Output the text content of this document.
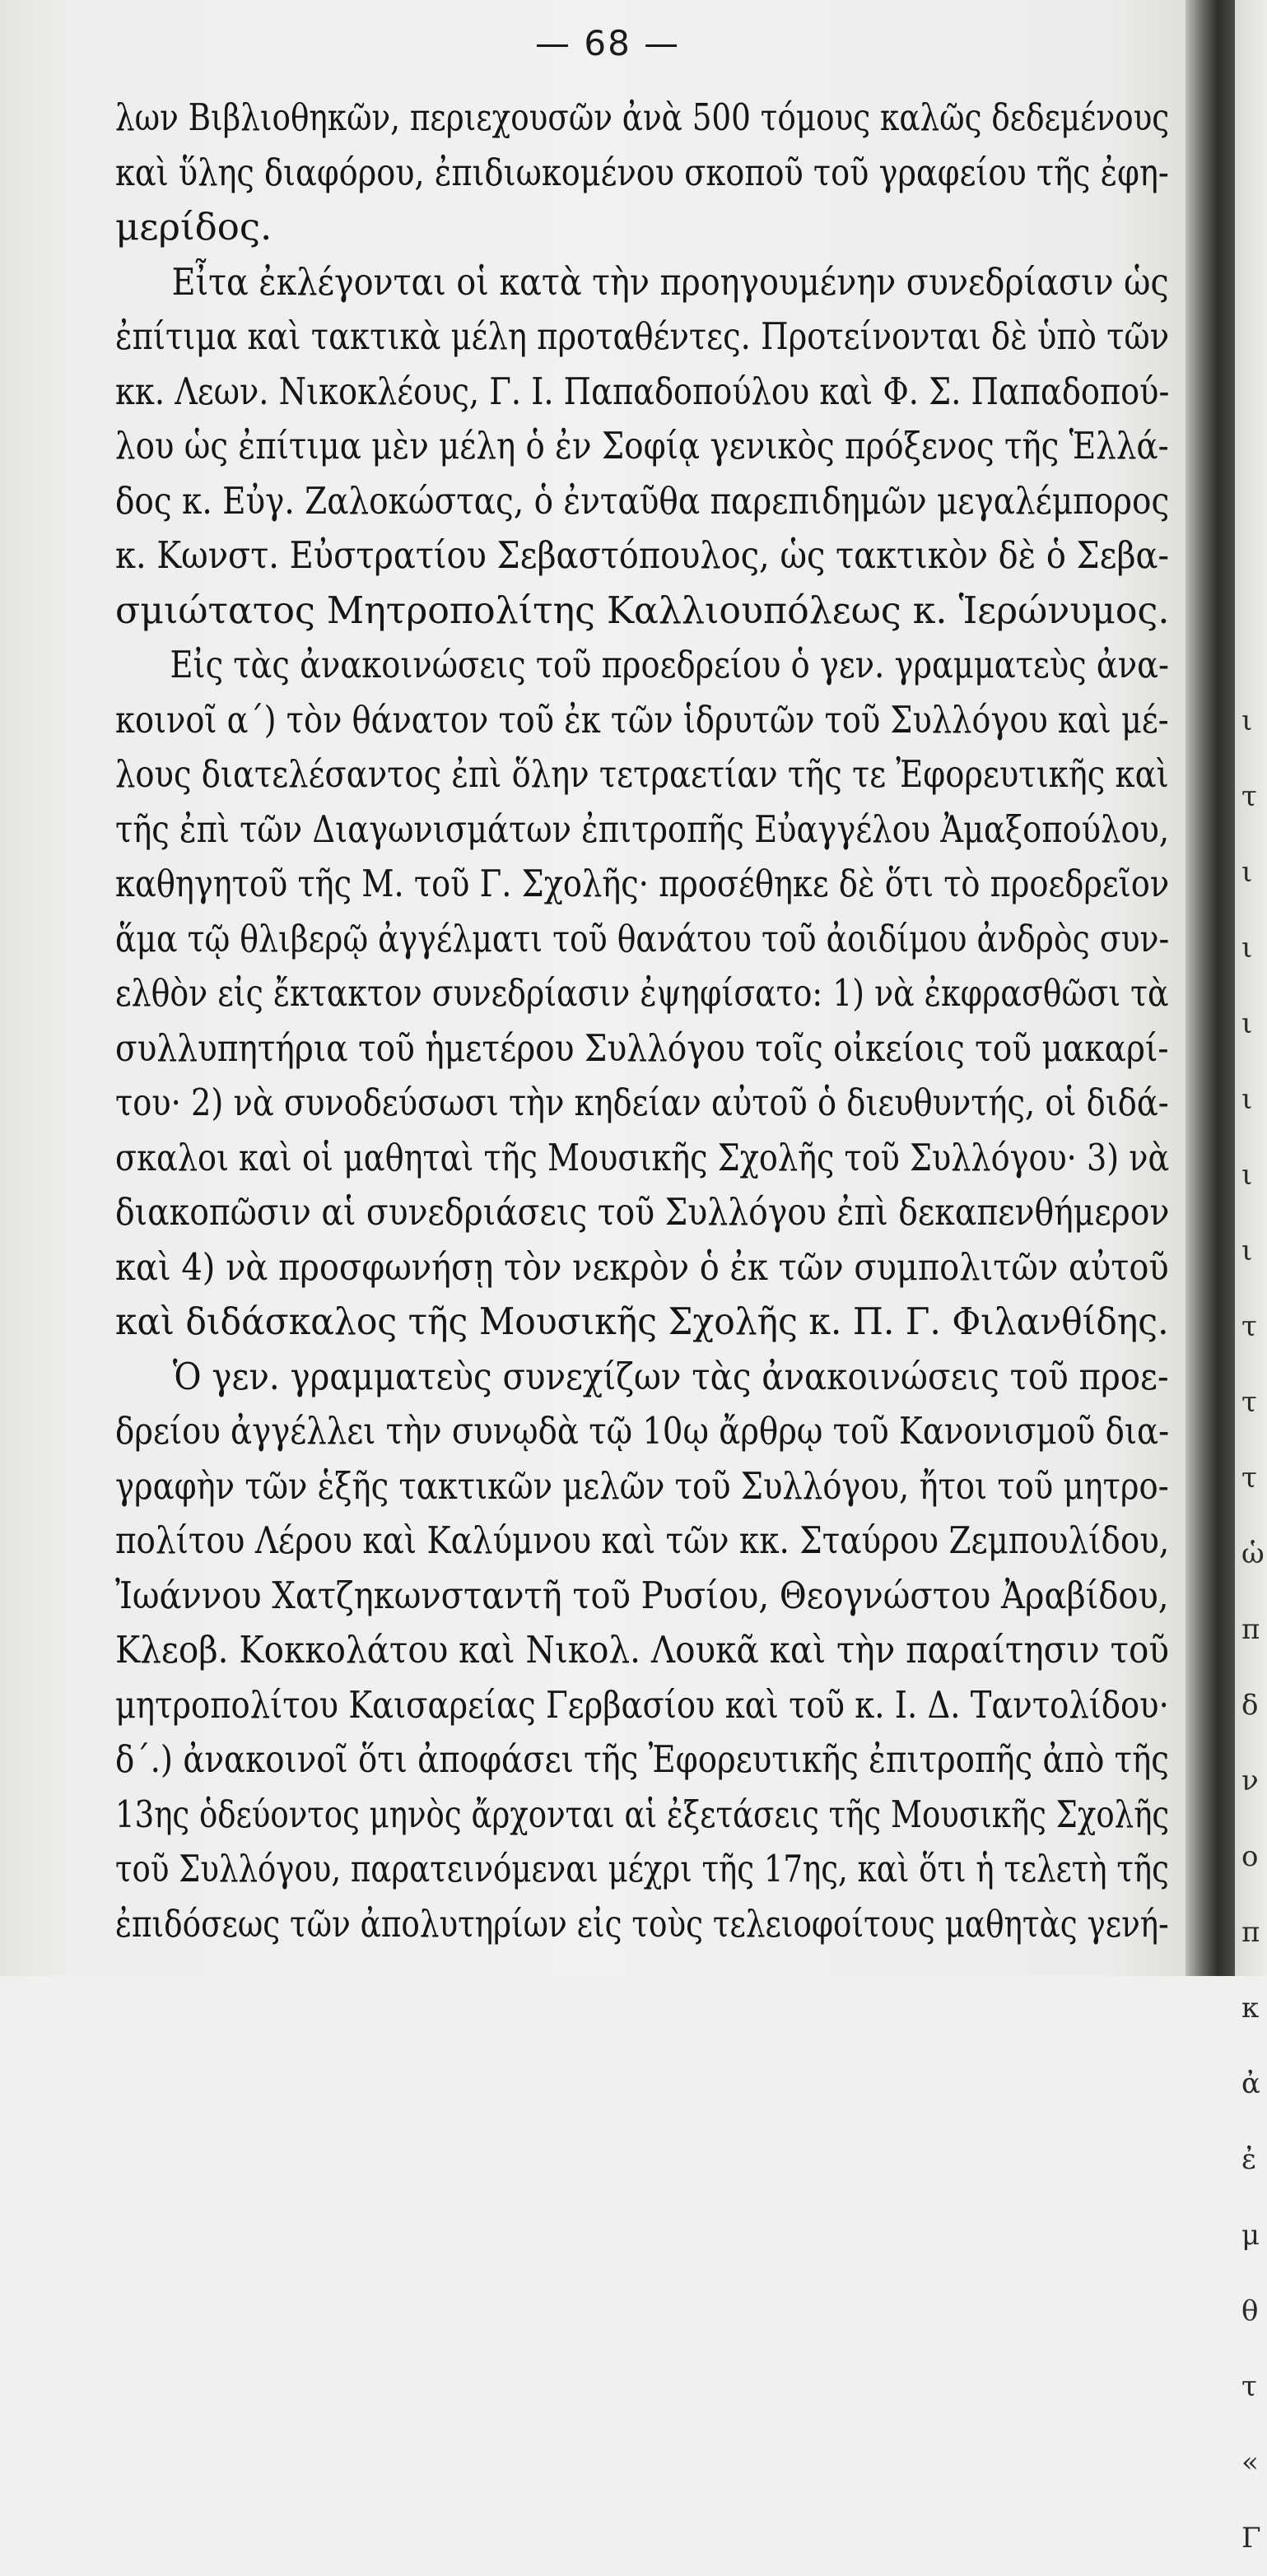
— 68 —
λων Βιβλιοθηκῶν, περιεχουσῶν ἀνὰ 500 τόμους καλῶς δεδεμένους
καὶ ὕλης διαφόρου, ἐπιδιωκομένου σκοποῦ τοῦ γραφείου τῆς ἐφη-
μερίδος.
Εἶτα ἐκλέγονται οἱ κατὰ τὴν προηγουμένην συνεδρίασιν ὡς
ἐπίτιμα καὶ τακτικὰ μέλη προταθέντες. Προτείνονται δὲ ὑπὸ τῶν
κκ. Λεων. Νικοκλέους, Γ. Ι. Παπαδοπούλου καὶ Φ. Σ. Παπαδοπού-
λου ὡς ἐπίτιμα μὲν μέλη ὁ ἐν Σοφίᾳ γενικὸς πρόξενος τῆς Ἑλλά-
δος κ. Εὐγ. Ζαλοκώστας, ὁ ἐνταῦθα παρεπιδημῶν μεγαλέμπορος
κ. Κωνστ. Εὐστρατίου Σεβαστόπουλος, ὡς τακτικὸν δὲ ὁ Σεβα-
σμιώτατος Μητροπολίτης Καλλιουπόλεως κ. Ἱερώνυμος.
Εἰς τὰς ἀνακοινώσεις τοῦ προεδρείου ὁ γεν. γραμματεὺς ἀνα-
κοινοῖ α΄) τὸν θάνατον τοῦ ἐκ τῶν ἱδρυτῶν τοῦ Συλλόγου καὶ μέ-
λους διατελέσαντος ἐπὶ ὅλην τετραετίαν τῆς τε Ἐφορευτικῆς καὶ
τῆς ἐπὶ τῶν Διαγωνισμάτων ἐπιτροπῆς Εὐαγγέλου Ἀμαξοπούλου,
καθηγητοῦ τῆς Μ. τοῦ Γ. Σχολῆς· προσέθηκε δὲ ὅτι τὸ προεδρεῖον
ἅμα τῷ θλιβερῷ ἀγγέλματι τοῦ θανάτου τοῦ ἀοιδίμου ἀνδρὸς συν-
ελθὸν εἰς ἔκτακτον συνεδρίασιν ἐψηφίσατο: 1) νὰ ἐκφρασθῶσι τὰ
συλλυπητήρια τοῦ ἡμετέρου Συλλόγου τοῖς οἰκείοις τοῦ μακαρί-
του· 2) νὰ συνοδεύσωσι τὴν κηδείαν αὐτοῦ ὁ διευθυντής, οἱ διδά-
σκαλοι καὶ οἱ μαθηταὶ τῆς Μουσικῆς Σχολῆς τοῦ Συλλόγου· 3) νὰ
διακοπῶσιν αἱ συνεδριάσεις τοῦ Συλλόγου ἐπὶ δεκαπενθήμερον
καὶ 4) νὰ προσφωνήσῃ τὸν νεκρὸν ὁ ἐκ τῶν συμπολιτῶν αὐτοῦ
καὶ διδάσκαλος τῆς Μουσικῆς Σχολῆς κ. Π. Γ. Φιλανθίδης.
Ὁ γεν. γραμματεὺς συνεχίζων τὰς ἀνακοινώσεις τοῦ προε-
δρείου ἀγγέλλει τὴν συνῳδὰ τῷ 10ῳ ἄρθρῳ τοῦ Κανονισμοῦ δια-
γραφὴν τῶν ἑξῆς τακτικῶν μελῶν τοῦ Συλλόγου, ἤτοι τοῦ μητρο-
πολίτου Λέρου καὶ Καλύμνου καὶ τῶν κκ. Σταύρου Ζεμπουλίδου,
Ἰωάννου Χατζηκωνσταντῆ τοῦ Ρυσίου, Θεογνώστου Ἀραβίδου,
Κλεοβ. Κοκκολάτου καὶ Νικολ. Λουκᾶ καὶ τὴν παραίτησιν τοῦ
μητροπολίτου Καισαρείας Γερβασίου καὶ τοῦ κ. Ι. Δ. Ταντολίδου·
δ΄.) ἀνακοινοῖ ὅτι ἀποφάσει τῆς Ἐφορευτικῆς ἐπιτροπῆς ἀπὸ τῆς
13ης ὁδεύοντος μηνὸς ἄρχονται αἱ ἐξετάσεις τῆς Μουσικῆς Σχολῆς
τοῦ Συλλόγου, παρατεινόμεναι μέχρι τῆς 17ης, καὶ ὅτι ἡ τελετὴ τῆς
ἐπιδόσεως τῶν ἀπολυτηρίων εἰς τοὺς τελειοφοίτους μαθητὰς γενή-
ι
τ
ι
ι
ι
ι
ι
ι
τ
τ
τ
ὡ
π
δ
ν
ο
π
κ
ἀ
ἐ
μ
θ
τ
«
Γ
